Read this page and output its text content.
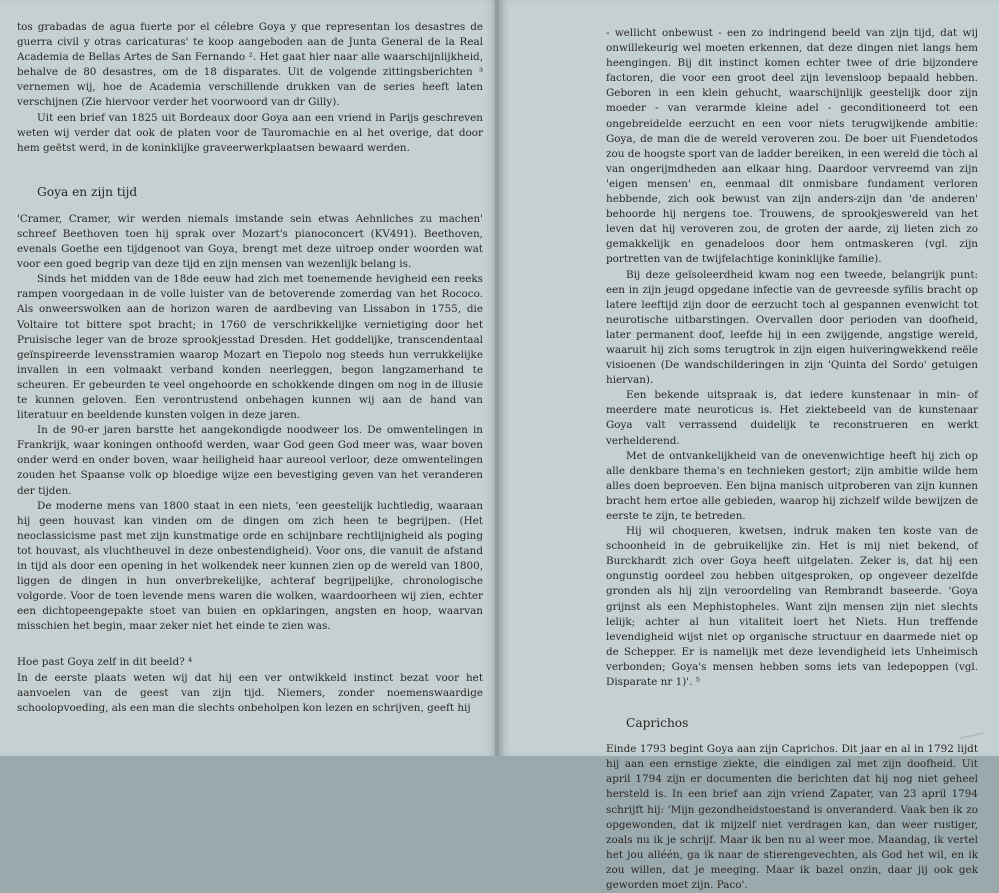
tos grabadas de agua fuerte por el célebre Goya y que representan los desastres de guerra civil y otras caricaturas' te koop aangeboden aan de Junta General de la Real Academia de Bellas Artes de San Fernando ². Het gaat hier naar alle waarschijnlijkheid, behalve de 80 desastres, om de 18 disparates. Uit de volgende zittingsberichten ³ vernemen wij, hoe de Academia verschillende drukken van de series heeft laten verschijnen (Zie hiervoor verder het voorwoord van dr Gilly).

Uit een brief van 1825 uit Bordeaux door Goya aan een vriend in Parijs geschreven weten wij verder dat ook de platen voor de Tauromachie en al het overige, dat door hem geëtst werd, in de koninklijke graveerwerkplaatsen bewaard werden.

Goya en zijn tijd

'Cramer, Cramer, wir werden niemals imstande sein etwas Aehnliches zu machen' schreef Beethoven toen hij sprak over Mozart's pianoconcert (KV491). Beethoven, evenals Goethe een tijdgenoot van Goya, brengt met deze uitroep onder woorden wat voor een goed begrip van deze tijd en zijn mensen van wezenlijk belang is.

Sinds het midden van de 18de eeuw had zich met toenemende hevigheid een reeks rampen voorgedaan in de volle luister van de betoverende zomerdag van het Rococo. Als onweerswolken aan de horizon waren de aardbeving van Lissabon in 1755, die Voltaire tot bittere spot bracht; in 1760 de verschrikkelijke vernietiging door het Pruisische leger van de broze sprookjesstad Dresden. Het goddelijke, transcendentaal geïnspireerde levensstramien waarop Mozart en Tiepolo nog steeds hun verrukkelijke invallen in een volmaakt verband konden neerleggen, begon langzamerhand te scheuren. Er gebeurden te veel ongehoorde en schokkende dingen om nog in de illusie te kunnen geloven. Een verontrustend onbehagen kunnen wij aan de hand van literatuur en beeldende kunsten volgen in deze jaren.

In de 90-er jaren barstte het aangekondigde noodweer los. De omwentelingen in Frankrijk, waar koningen onthoofd werden, waar God geen God meer was, waar boven onder werd en onder boven, waar heiligheid haar aureool verloor, deze omwentelingen zouden het Spaanse volk op bloedige wijze een bevestiging geven van het veranderen der tijden.

De moderne mens van 1800 staat in een niets, 'een geestelijk luchtledig, waaraan hij geen houvast kan vinden om de dingen om zich heen te begrijpen. (Het neoclassicisme past met zijn kunstmatige orde en schijnbare rechtlijnigheid als poging tot houvast, als vluchtheuvel in deze onbestendigheid). Voor ons, die vanuit de afstand in tijd als door een opening in het wolkendek neer kunnen zien op de wereld van 1800, liggen de dingen in hun onverbrekelijke, achteraf begrijpelijke, chronologische volgorde. Voor de toen levende mens waren die wolken, waardoorheen wij zien, echter een dichtopeengepakte stoet van buien en opklaringen, angsten en hoop, waarvan misschien het begin, maar zeker niet het einde te zien was.

Hoe past Goya zelf in dit beeld? ⁴

In de eerste plaats weten wij dat hij een ver ontwikkeld instinct bezat voor het aanvoelen van de geest van zijn tijd. Niemers, zonder noemenswaardige schoolopvoeding, als een man die slechts onbeholpen kon lezen en schrijven, geeft hij

- wellicht onbewust - een zo indringend beeld van zijn tijd, dat wij onwillekeurig wel moeten erkennen, dat deze dingen niet langs hem heengingen. Bij dit instinct komen echter twee of drie bijzondere factoren, die voor een groot deel zijn levensloop bepaald hebben. Geboren in een klein gehucht, waarschijnlijk geestelijk door zijn moeder - van verarmde kleine adel - geconditioneerd tot een ongebreidelde eerzucht en een voor niets terugwijkende ambitie: Goya, de man die de wereld veroveren zou. De boer uit Fuendetodos zou de hoogste sport van de ladder bereiken, in een wereld die tòch al van ongerijmdheden aan elkaar hing. Daardoor vervreemd van zijn 'eigen mensen' en, eenmaal dit onmisbare fundament verloren hebbende, zich ook bewust van zijn anders-zijn dan 'de anderen' behoorde hij nergens toe. Trouwens, de sprookjeswereld van het leven dat hij veroveren zou, de groten der aarde, zij lieten zich zo gemakkelijk en genadeloos door hem ontmaskeren (vgl. zijn portretten van de twijfelachtige koninklijke familie).

Bij deze geïsoleerdheid kwam nog een tweede, belangrijk punt: een in zijn jeugd opgedane infectie van de gevreesde syfilis bracht op latere leeftijd zijn door de eerzucht toch al gespannen evenwicht tot neurotische uitbarstingen. Overvallen door perioden van doofheid, later permanent doof, leefde hij in een zwijgende, angstige wereld, waaruit hij zich soms terugtrok in zijn eigen huiveringwekkend reële visioenen (De wandschilderingen in zijn 'Quinta del Sordo' getuigen hiervan).

Een bekende uitspraak is, dat iedere kunstenaar in min- of meerdere mate neuroticus is. Het ziektebeeld van de kunstenaar Goya valt verrassend duidelijk te reconstrueren en werkt verhelderend.

Met de ontvankelijkheid van de onevenwichtige heeft hij zich op alle denkbare thema's en technieken gestort; zijn ambitie wilde hem alles doen beproeven. Een bijna manisch uitproberen van zijn kunnen bracht hem ertoe alle gebieden, waarop hij zichzelf wilde bewijzen de eerste te zijn, te betreden.

Hij wil choqueren, kwetsen, indruk maken ten koste van de schoonheid in de gebruikelijke zin. Het is mij niet bekend, of Burckhardt zich over Goya heeft uitgelaten. Zeker is, dat hij een ongunstig oordeel zou hebben uitgesproken, op ongeveer dezelfde gronden als hij zijn veroordeling van Rembrandt baseerde. 'Goya grijnst als een Mephistopheles. Want zijn mensen zijn niet slechts lelijk; achter al hun vitaliteit loert het Niets. Hun treffende levendigheid wijst niet op organische structuur en daarmede niet op de Schepper. Er is namelijk met deze levendigheid iets Unheimisch verbonden; Goya's mensen hebben soms iets van ledepoppen (vgl. Disparate nr 1)'. ⁵

Caprichos

Einde 1793 begint Goya aan zijn Caprichos. Dit jaar en al in 1792 lijdt hij aan een ernstige ziekte, die eindigen zal met zijn doofheid. Uit april 1794 zijn er documenten die berichten dat hij nog niet geheel hersteld is. In een brief aan zijn vriend Zapater, van 23 april 1794 schrijft hij: 'Mijn gezondheidstoestand is onveranderd. Vaak ben ik zo opgewonden, dat ik mijzelf niet verdragen kan, dan weer rustiger, zoals nu ik je schrijf. Maar ik ben nu al weer moe. Maandag, ik vertel het jou alléén, ga ik naar de stierengevechten, als God het wil, en ik zou willen, dat je meeging. Maar ik bazel onzin, daar jij ook gek geworden moet zijn. Paco'.
